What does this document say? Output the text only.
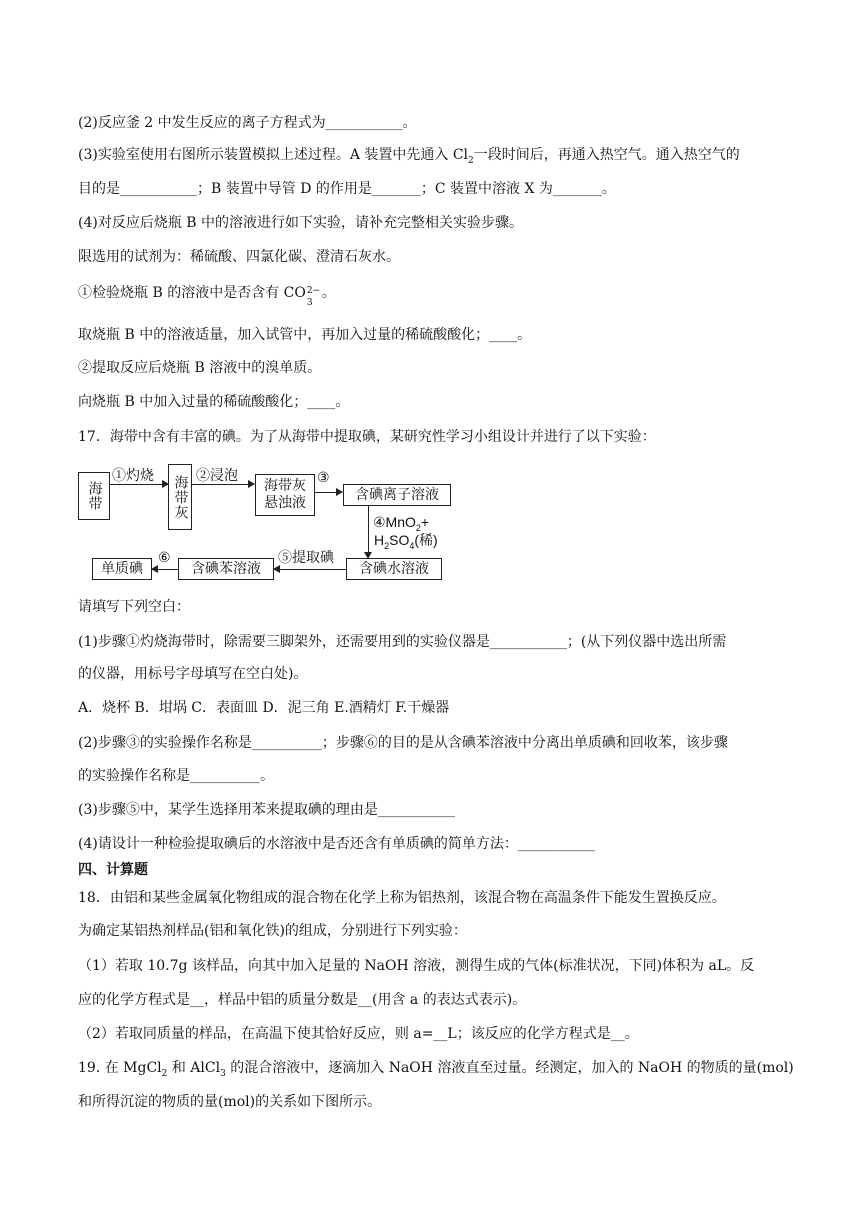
(2)反应釜 2 中发生反应的离子方程式为___________。
(3)实验室使用右图所示装置模拟上述过程。A 装置中先通入 $Cl_2$一段时间后，再通入热空气。通入热空气的
目的是___________；B 装置中导管 D 的作用是_______；C 装置中溶液 X 为_______。
(4)对反应后烧瓶 B 中的溶液进行如下实验，请补充完整相关实验步骤。
限选用的试剂为：稀硫酸、四氯化碳、澄清石灰水。
①检验烧瓶 B 的溶液中是否含有 CO 2−
3
。
取烧瓶 B 中的溶液适量，加入试管中，再加入过量的稀硫酸酸化；____。
②提取反应后烧瓶 B 溶液中的溴单质。
向烧瓶 B 中加入过量的稀硫酸酸化；____。
17．海带中含有丰富的碘。为了从海带中提取碘，某研究性学习小组设计并进行了以下实验：
海带
①灼烧	海带灰 ②浸泡
海带灰
悬浊液
③
含碘离子溶液
④MnO$_2$+
$H_2SO_4$(稀)
含碘水溶液
⑤提取碘
含碘苯溶液
⑥
单质碘
请填写下列空白：
(1)步骤①灼烧海带时，除需要三脚架外，还需要用到的实验仪器是___________；(从下列仪器中选出所需
的仪器，用标号字母填写在空白处)。
A．烧杯 B．坩埚 C．表面皿 D．泥三角 E.酒精灯 F.干燥器
(2)步骤③的实验操作名称是__________；步骤⑥的目的是从含碘苯溶液中分离出单质碘和回收苯，该步骤
的实验操作名称是__________。
(3)步骤⑤中，某学生选择用苯来提取碘的理由是___________
(4)请设计一种检验提取碘后的水溶液中是否还含有单质碘的简单方法：___________
四、计算题
18．由铝和某些金属氧化物组成的混合物在化学上称为铝热剂，该混合物在高温条件下能发生置换反应。
为确定某铝热剂样品(铝和氧化铁)的组成，分别进行下列实验：
（1）若取 10.7g 该样品，向其中加入足量的 NaOH 溶液，测得生成的气体(标准状况，下同)体积为 aL。反
应的化学方程式是__，样品中铝的质量分数是__(用含 a 的表达式表示)。
（2）若取同质量的样品，在高温下使其恰好反应，则 a=__L；该反应的化学方程式是__。
19. 在 MgCl$_2$ 和 AlCl$_3$ 的混合溶液中，逐滴加入 NaOH 溶液直至过量。经测定，加入的 NaOH 的物质的量(mol)
和所得沉淀的物质的量(mol)的关系如下图所示。
